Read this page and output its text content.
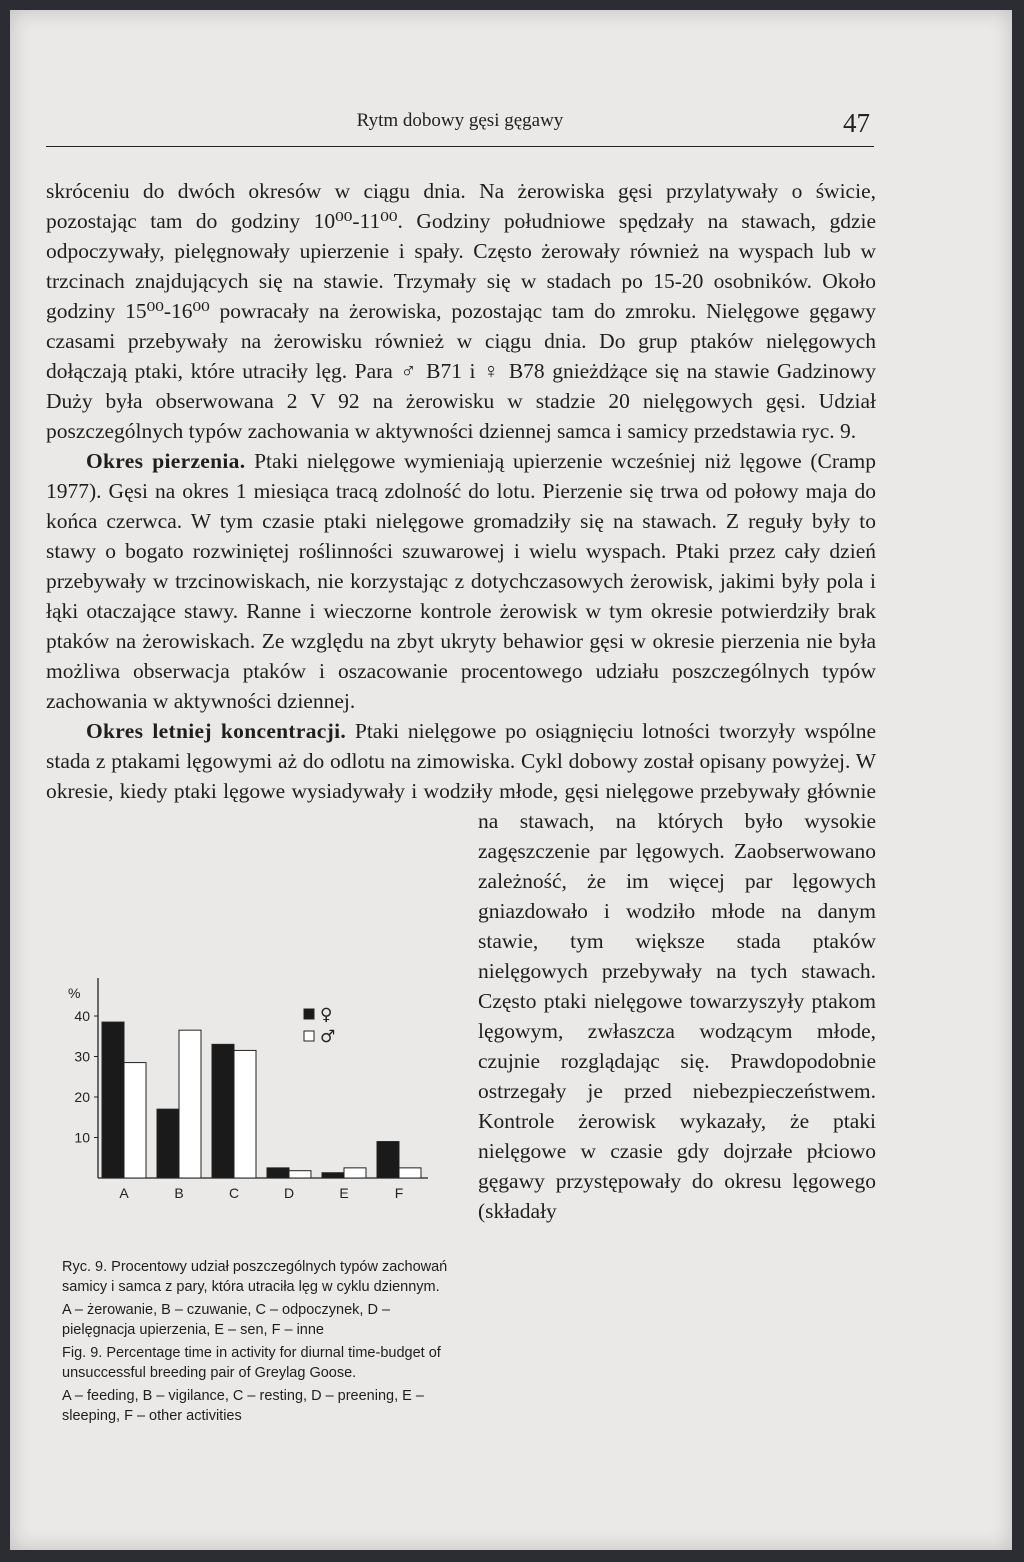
Rytm dobowy gęsi gęgawy	47

skróceniu do dwóch okresów w ciągu dnia. Na żerowiska gęsi przylatywały o świcie, pozostając tam do godziny 10⁰⁰-11⁰⁰. Godziny południowe spędzały na stawach, gdzie odpoczywały, pielęgnowały upierzenie i spały. Często żerowały również na wyspach lub w trzcinach znajdujących się na stawie. Trzymały się w stadach po 15-20 osobników. Około godziny 15⁰⁰-16⁰⁰ powracały na żerowiska, pozostając tam do zmroku. Nielęgowe gęgawy czasami przebywały na żerowisku również w ciągu dnia. Do grup ptaków nielęgowych dołączają ptaki, które utraciły lęg. Para ♂ B71 i ♀ B78 gnieżdżące się na stawie Gadzinowy Duży była obserwowana 2 V 92 na żerowisku w stadzie 20 nielęgowych gęsi. Udział poszczególnych typów zachowania w aktywności dziennej samca i samicy przedstawia ryc. 9.

Okres pierzenia. Ptaki nielęgowe wymieniają upierzenie wcześniej niż lęgowe (Cramp 1977). Gęsi na okres 1 miesiąca tracą zdolność do lotu. Pierzenie się trwa od połowy maja do końca czerwca. W tym czasie ptaki nielęgowe gromadziły się na stawach. Z reguły były to stawy o bogato rozwiniętej roślinności szuwarowej i wielu wyspach. Ptaki przez cały dzień przebywały w trzcinowiskach, nie korzystając z dotychczasowych żerowisk, jakimi były pola i łąki otaczające stawy. Ranne i wieczorne kontrole żerowisk w tym okresie potwierdziły brak ptaków na żerowiskach. Ze względu na zbyt ukryty behawior gęsi w okresie pierzenia nie była możliwa obserwacja ptaków i oszacowanie procentowego udziału poszczególnych typów zachowania w aktywności dziennej.

Okres letniej koncentracji. Ptaki nielęgowe po osiągnięciu lotności tworzyły wspólne stada z ptakami lęgowymi aż do odlotu na zimowiska. Cykl dobowy został opisany powyżej. W okresie, kiedy ptaki lęgowe wysiadywały i wodziły młode, gęsi nielęgowe przebywały głównie na stawach, na których było wysokie zagęszczenie par lęgowych. Zaobserwowano zależność, że im więcej par lęgowych gniazdowało i wodziło młode na danym stawie, tym większe stada ptaków nielęgowych przebywały na tych stawach. Często ptaki nielęgowe towarzyszyły ptakom lęgowym, zwłaszcza wodzącym młode, czujnie rozglądając się. Prawdopodobnie ostrzegały je przed niebezpieczeństwem. Kontrole żerowisk wykazały, że ptaki nielęgowe w czasie gdy dojrzałe płciowo gęgawy przystępowały do okresu lęgowego (składały

%
10
20
30
40
A	B	C	D	E	F
♀
♂

Ryc. 9. Procentowy udział poszczególnych typów zachowań samicy i samca z pary, która utraciła lęg w cyklu dziennym.

A – żerowanie, B – czuwanie, C – odpoczynek, D – pielęgnacja upierzenia, E – sen, F – inne

Fig. 9. Percentage time in activity for diurnal time-budget of unsuccessful breeding pair of Greylag Goose.

A – feeding, B – vigilance, C – resting, D – preening, E – sleeping, F – other activities
